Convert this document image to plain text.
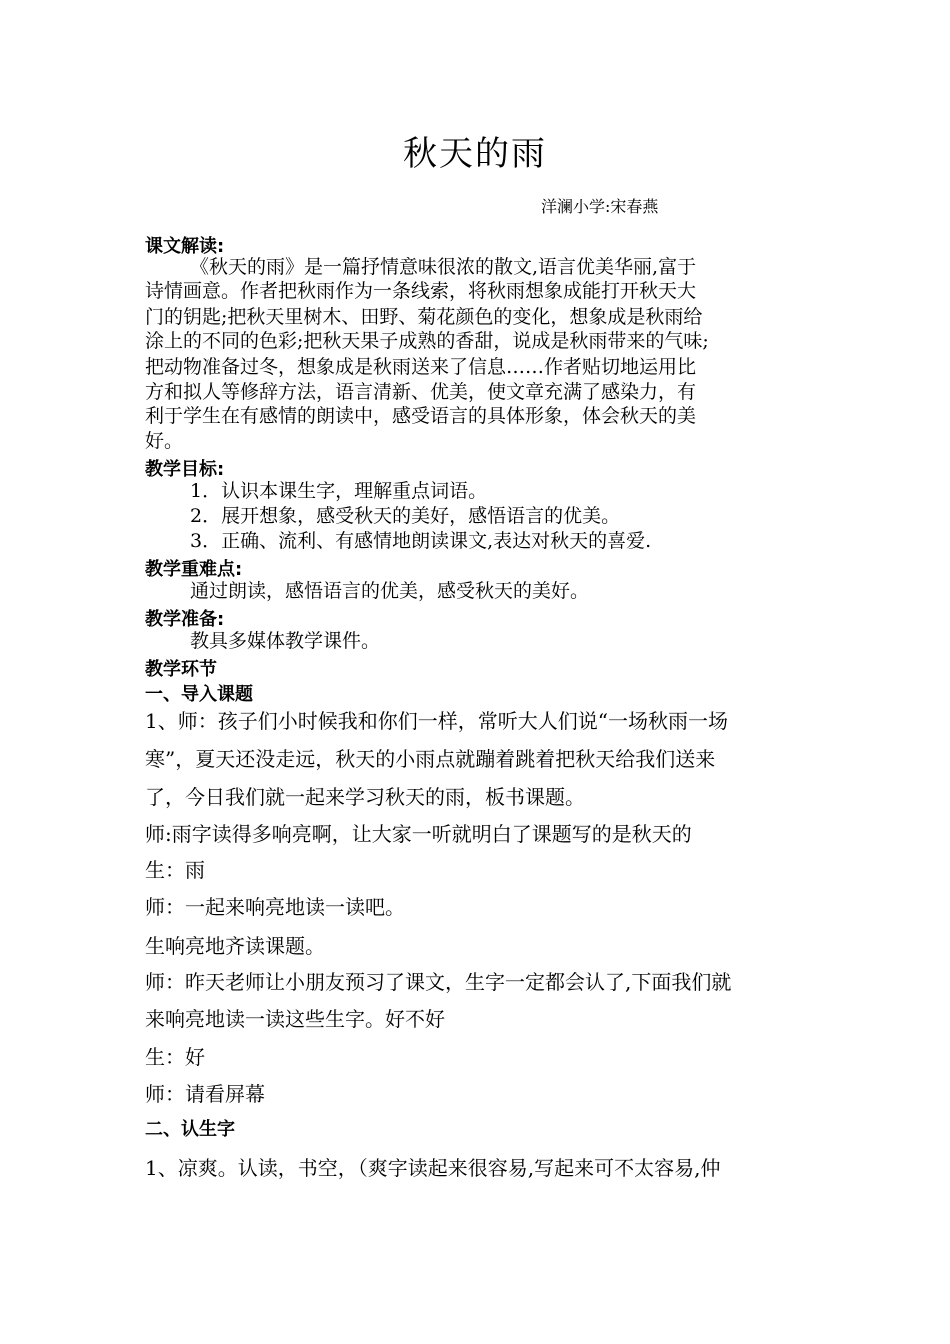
秋天的雨
洋澜小学:宋春燕
课文解读:
《秋天的雨》是一篇抒情意味很浓的散文,语言优美华丽,富于
诗情画意。作者把秋雨作为一条线索，将秋雨想象成能打开秋天大
门的钥匙;把秋天里树木、田野、菊花颜色的变化，想象成是秋雨给
涂上的不同的色彩;把秋天果子成熟的香甜，说成是秋雨带来的气味;
把动物准备过冬，想象成是秋雨送来了信息……作者贴切地运用比
方和拟人等修辞方法，语言清新、优美，使文章充满了感染力，有
利于学生在有感情的朗读中，感受语言的具体形象，体会秋天的美
好。
教学目标:
1．认识本课生字，理解重点词语。
2．展开想象，感受秋天的美好，感悟语言的优美。
3．正确、流利、有感情地朗读课文,表达对秋天的喜爱.
教学重难点:
通过朗读，感悟语言的优美，感受秋天的美好。
教学准备:
教具多媒体教学课件。
教学环节
一、导入课题
1、师：孩子们小时候我和你们一样，常听大人们说“一场秋雨一场
寒”，夏天还没走远，秋天的小雨点就蹦着跳着把秋天给我们送来
了，今日我们就一起来学习秋天的雨，板书课题。
师:雨字读得多响亮啊，让大家一听就明白了课题写的是秋天的
生：雨
师：一起来响亮地读一读吧。
生响亮地齐读课题。
师：昨天老师让小朋友预习了课文，生字一定都会认了,下面我们就
来响亮地读一读这些生字。好不好
生：好
师：请看屏幕
二、认生字
1、凉爽。认读，书空，（爽字读起来很容易,写起来可不太容易,仲
